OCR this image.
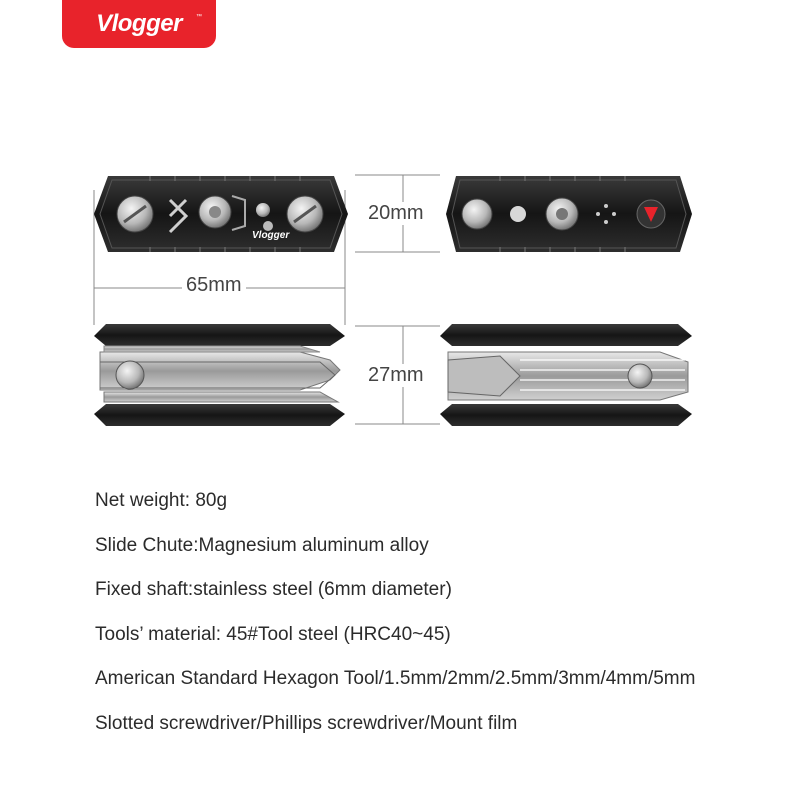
Vlogger ™
Vlogger
65mm
20mm
27mm
Net weight: 80g
Slide Chute:Magnesium aluminum alloy
Fixed shaft:stainless steel (6mm diameter)
Tools’ material: 45#Tool steel (HRC40~45)
American Standard Hexagon Tool/1.5mm/2mm/2.5mm/3mm/4mm/5mm
Slotted screwdriver/Phillips screwdriver/Mount film
